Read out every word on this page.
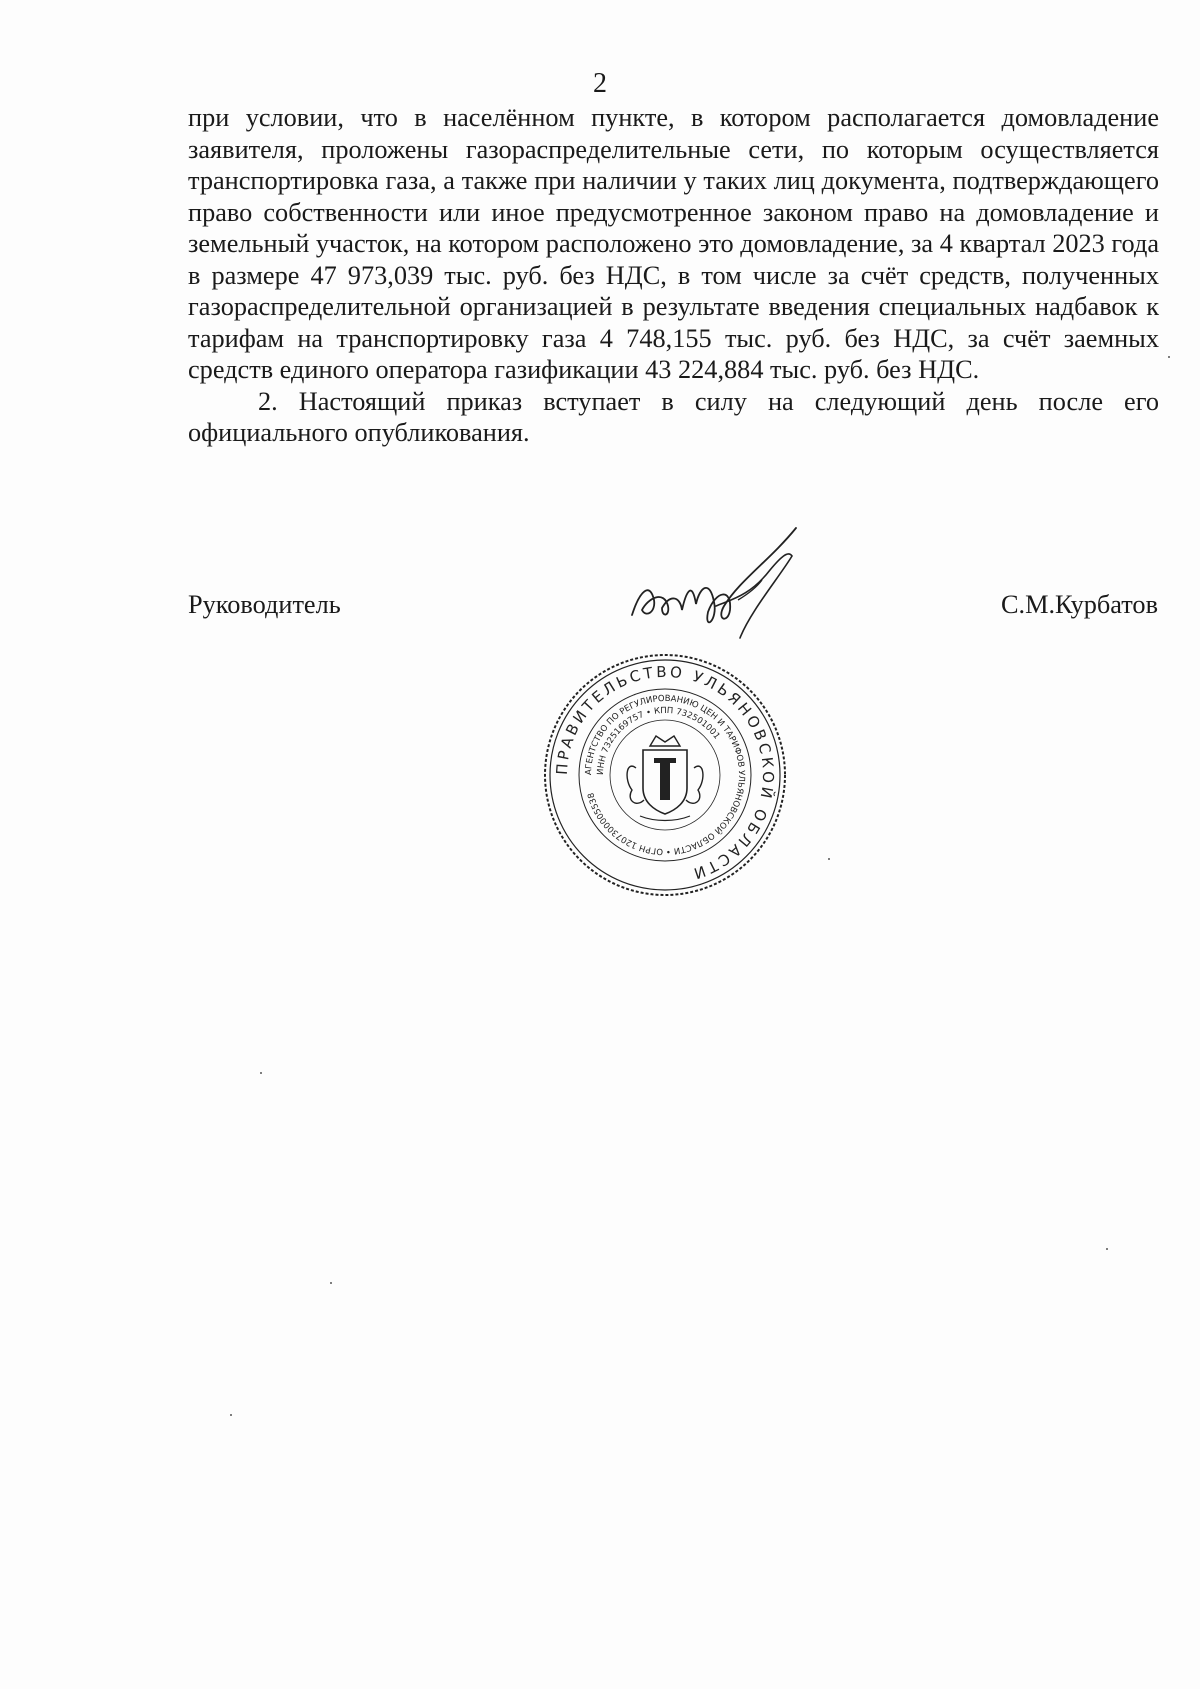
2

при условии, что в населённом пункте, в котором располагается домовладение заявителя, проложены газораспределительные сети, по которым осуществляется транспортировка газа, а также при наличии у таких лиц документа, подтверждающего право собственности или иное предусмотренное законом право на домовладение и земельный участок, на котором расположено это домовладение, за 4 квартал 2023 года в размере 47 973,039 тыс. руб. без НДС, в том числе за счёт средств, полученных газораспределительной организацией в результате введения специальных надбавок к тарифам на транспортировку газа 4 748,155 тыс. руб. без НДС, за счёт заемных средств единого оператора газификации 43 224,884 тыс. руб. без НДС.

2. Настоящий приказ вступает в силу на следующий день после его официального опубликования.

Руководитель	С.М.Курбатов
ПРАВИТЕЛЬСТВО УЛЬЯНОВСКОЙ ОБЛАСТИ
АГЕНТСТВО ПО РЕГУЛИРОВАНИЮ ЦЕН И ТАРИФОВ УЛЬЯНОВСКОЙ ОБЛАСТИ • ОГРН 1207300005538
ИНН 7325169757 • КПП 732501001
